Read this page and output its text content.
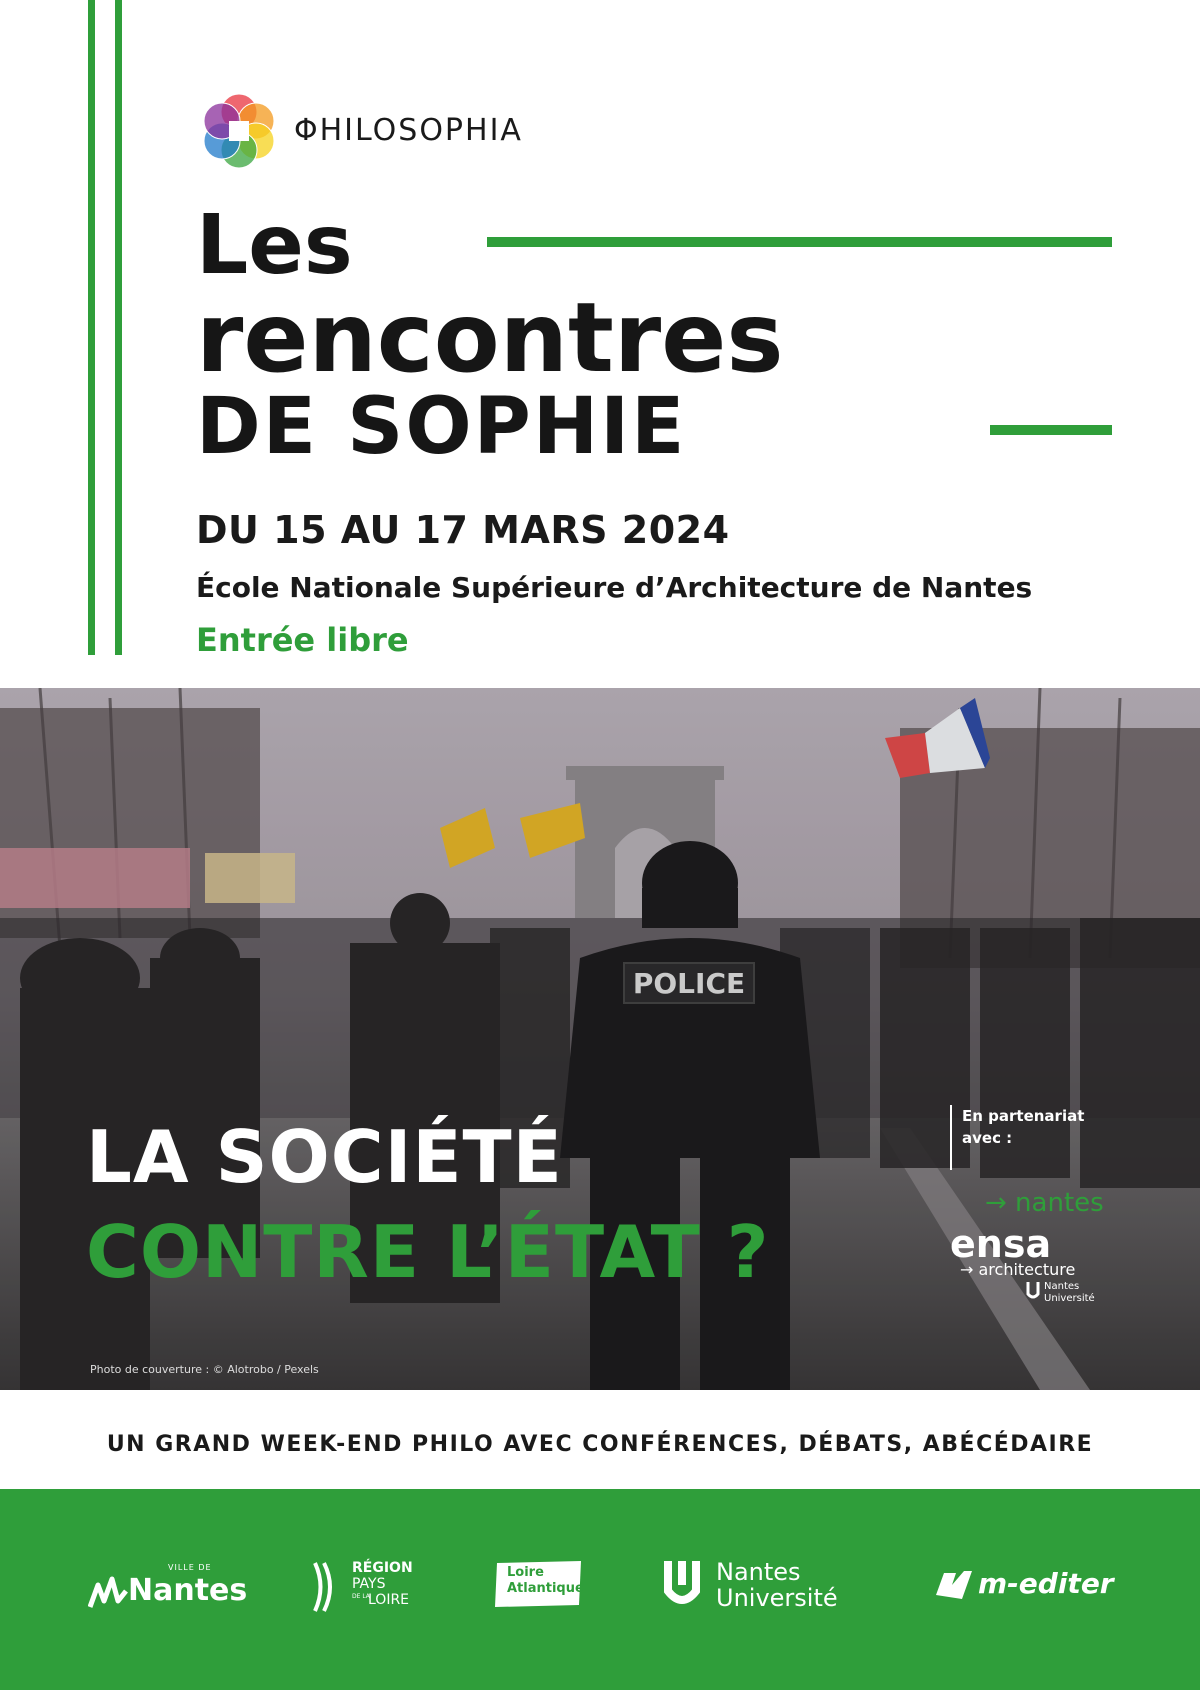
ΦHILOSOPHIA
Les
rencontres
DE SOPHIE
DU 15 AU 17 MARS 2024
École Nationale Supérieure d’Architecture de Nantes
Entrée libre
POLICE
LA SOCIÉTÉ
CONTRE L’ÉTAT ?
Photo de couverture : © Alotrobo / Pexels
En partenariat avec :
→ nantes
ensa
→ architecture
Nantes Université
UN GRAND WEEK-END PHILO AVEC CONFÉRENCES, DÉBATS, ABÉCÉDAIRE
VILLE DE
Nantes
RÉGION
PAYS
DE LA
LOIRE
Loire
Atlantique
Nantes
Université	m-editer
